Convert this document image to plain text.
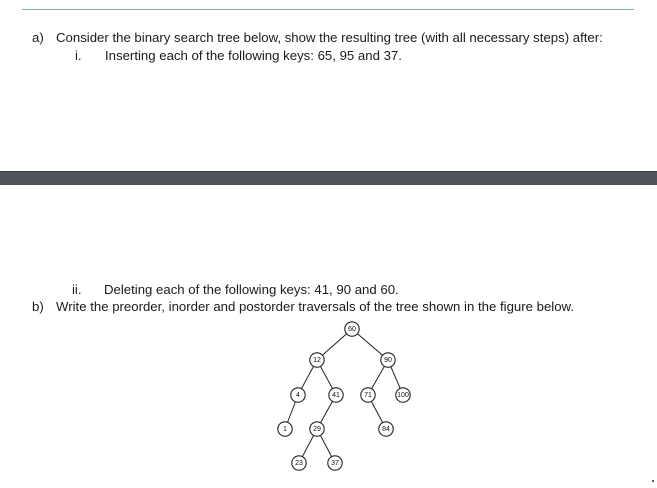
a) Consider the binary search tree below, show the resulting tree (with all necessary steps) after:
i. Inserting each of the following keys: 65, 95 and 37.
ii. Deleting each of the following keys: 41, 90 and 60.
b) Write the preorder, inorder and postorder traversals of the tree shown in the figure below.
60
12	90
4	41	71	100
1	29	84
23	37
